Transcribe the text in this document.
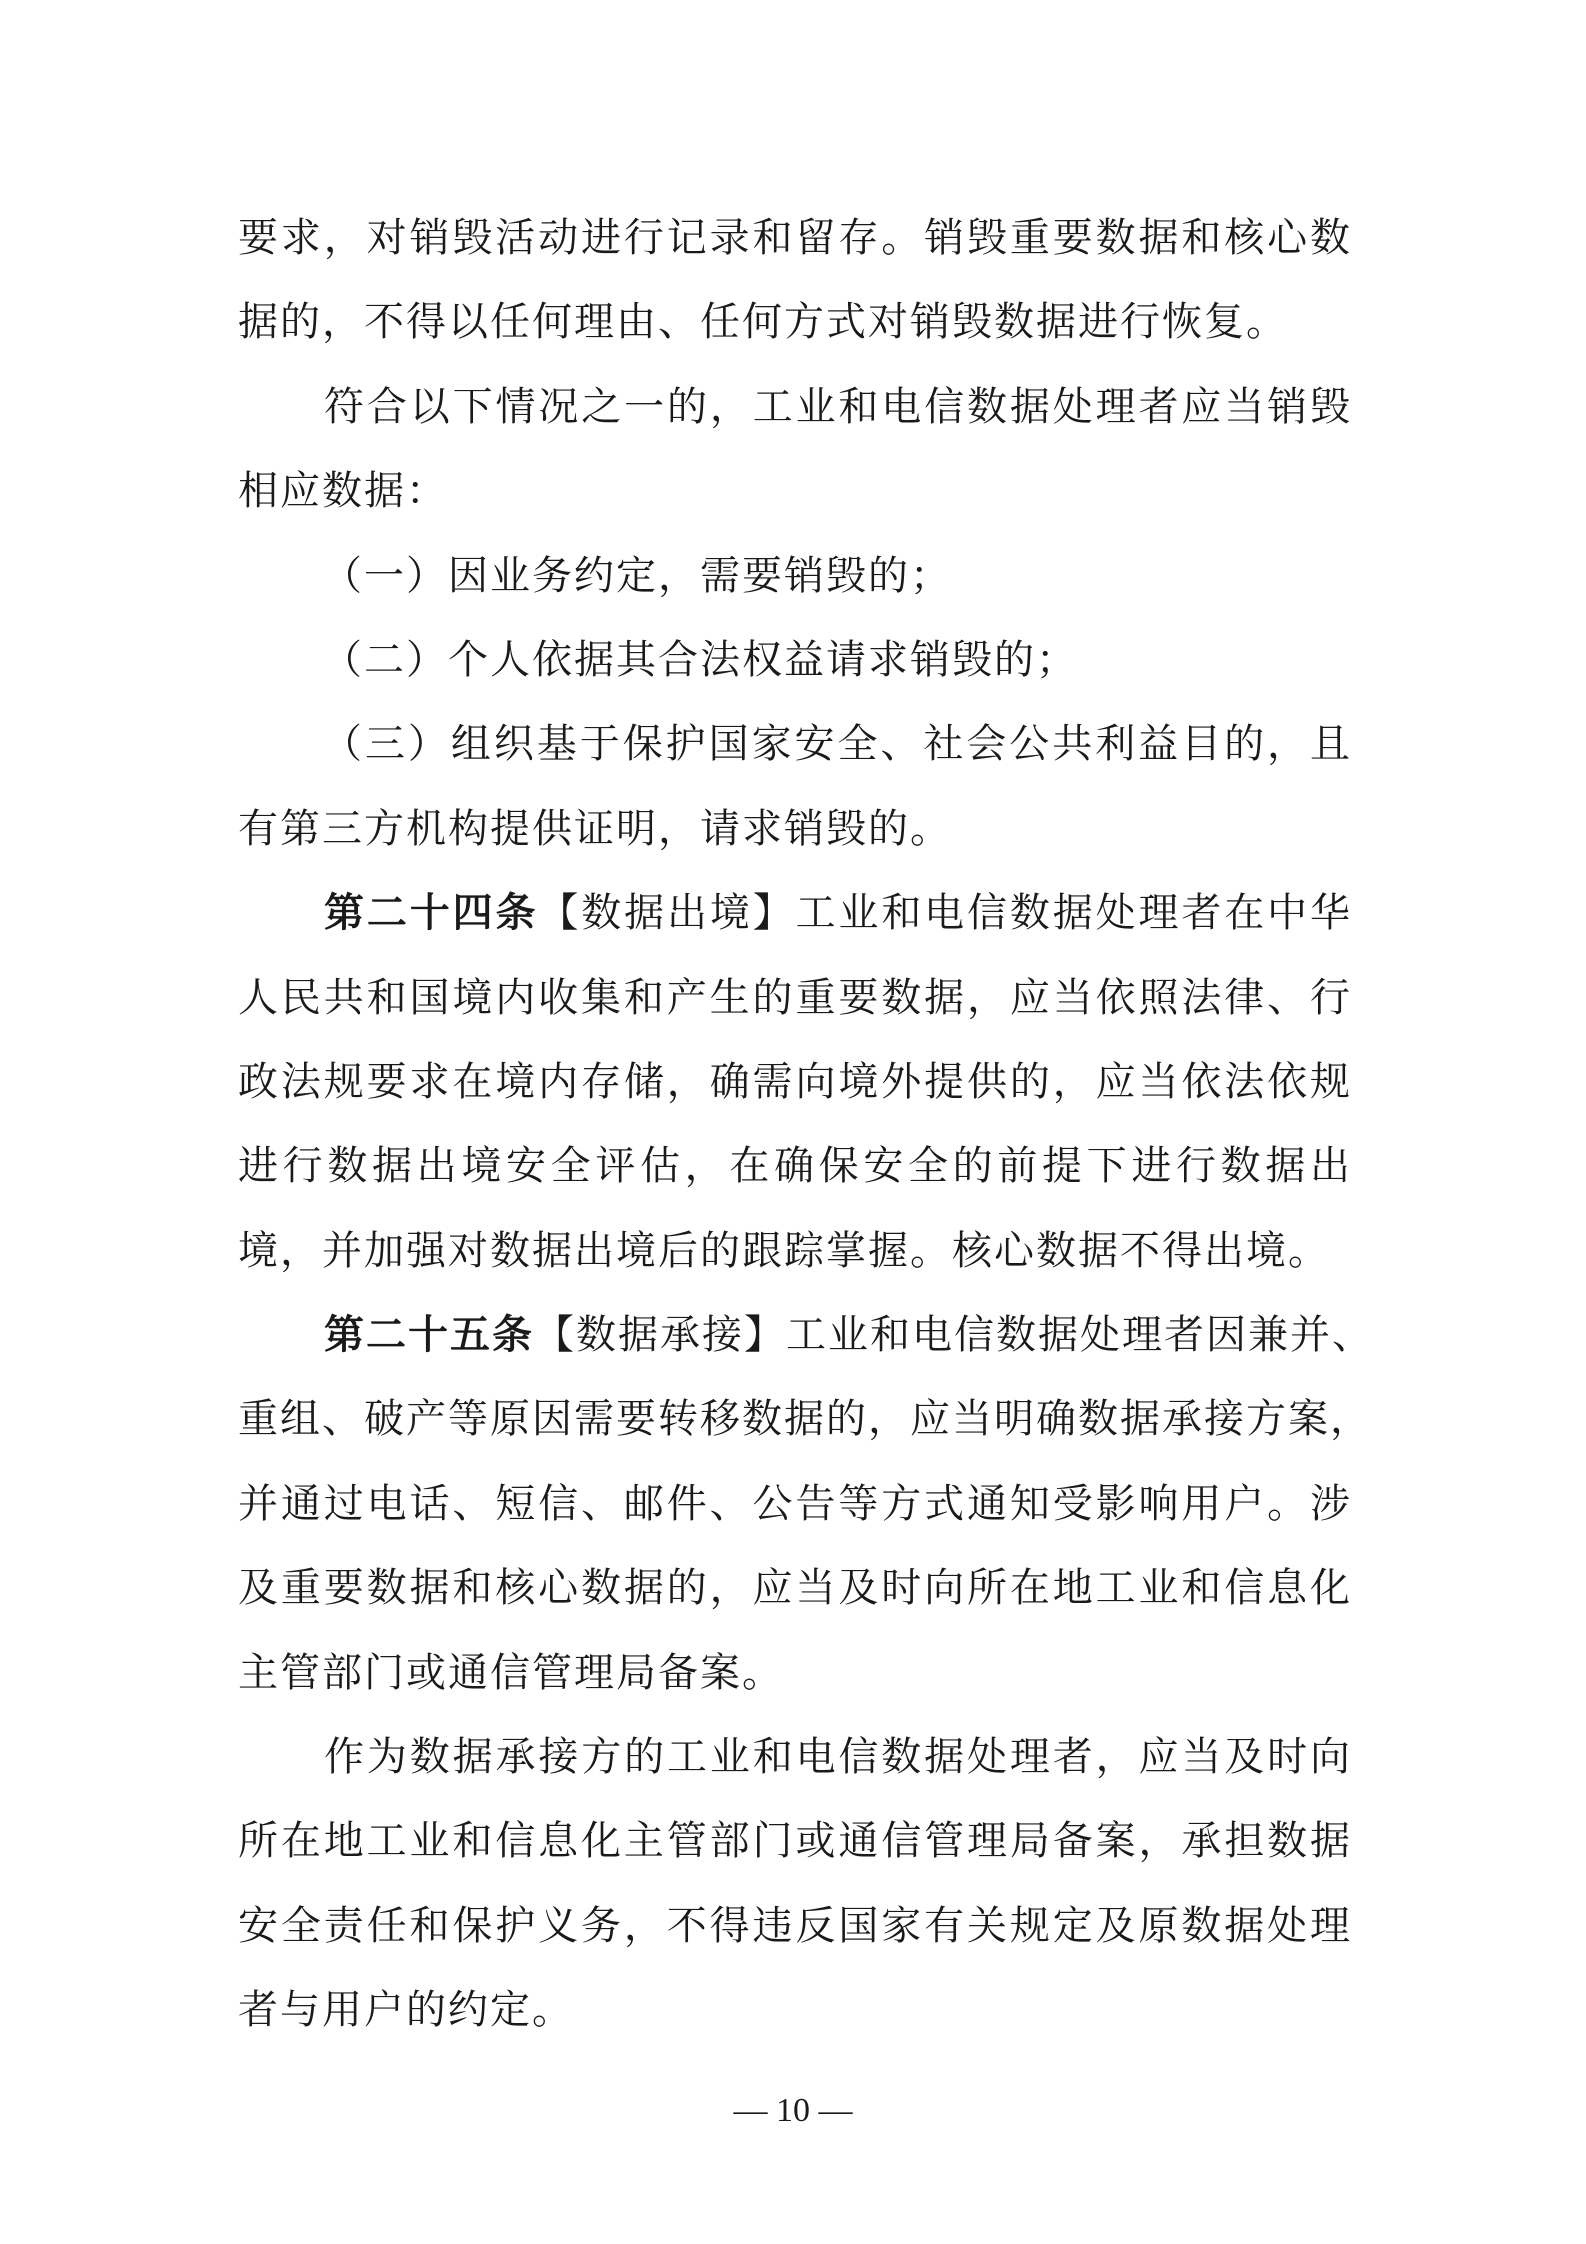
要求，对销毁活动进行记录和留存。销毁重要数据和核心数
据的，不得以任何理由、任何方式对销毁数据进行恢复。
符合以下情况之一的，工业和电信数据处理者应当销毁
相应数据：
（一）因业务约定，需要销毁的；
（二）个人依据其合法权益请求销毁的；
（三）组织基于保护国家安全、社会公共利益目的，且
有第三方机构提供证明，请求销毁的。
第二十四条【数据出境】工业和电信数据处理者在中华
人民共和国境内收集和产生的重要数据，应当依照法律、行
政法规要求在境内存储，确需向境外提供的，应当依法依规
进行数据出境安全评估，在确保安全的前提下进行数据出
境，并加强对数据出境后的跟踪掌握。核心数据不得出境。
第二十五条【数据承接】工业和电信数据处理者因兼并、
重组、破产等原因需要转移数据的，应当明确数据承接方案，
并通过电话、短信、邮件、公告等方式通知受影响用户。涉
及重要数据和核心数据的，应当及时向所在地工业和信息化
主管部门或通信管理局备案。
作为数据承接方的工业和电信数据处理者，应当及时向
所在地工业和信息化主管部门或通信管理局备案，承担数据
安全责任和保护义务，不得违反国家有关规定及原数据处理
者与用户的约定。
— 10 —
